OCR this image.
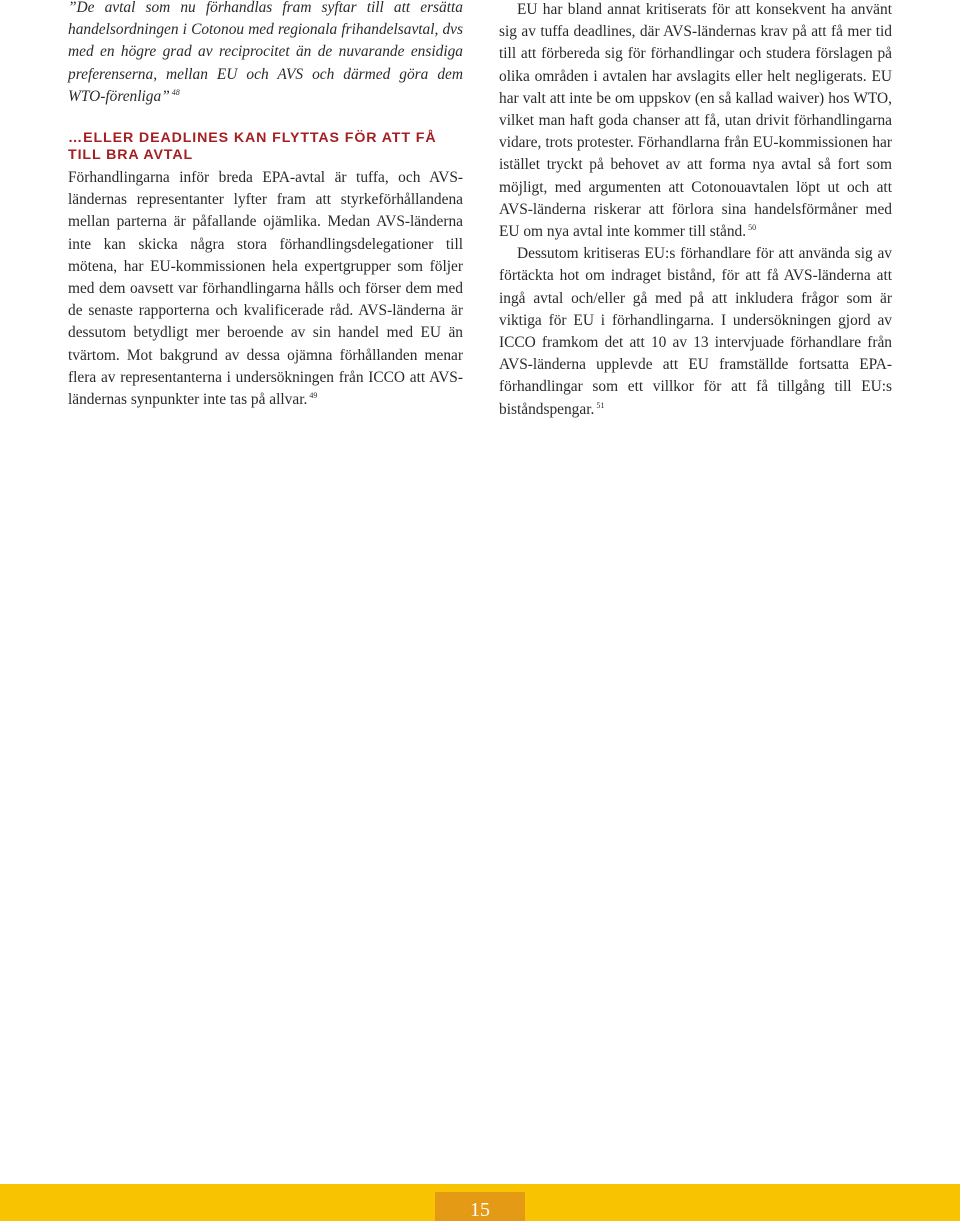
”De avtal som nu förhandlas fram syftar till att ersätta handelsordningen i Cotonou med regionala frihandelsavtal, dvs med en högre grad av reciprocitet än de nuvarande ensidiga preferenserna, mellan EU och AVS och därmed göra dem WTO-förenliga” $^{48}$

…ELLER DEADLINES KAN FLYTTAS FÖR ATT FÅ TILL BRA AVTAL

Förhandlingarna inför breda EPA-avtal är tuffa, och AVS-ländernas representanter lyfter fram att styrkeförhållandena mellan parterna är påfallande ojämlika. Medan AVS-länderna inte kan skicka några stora förhandlingsdelegationer till mötena, har EU-kommissionen hela expertgrupper som följer med dem oavsett var förhandlingarna hålls och förser dem med de senaste rapporterna och kvalificerade råd. AVS-länderna är dessutom betydligt mer beroende av sin handel med EU än tvärtom. Mot bakgrund av dessa ojämna förhållanden menar flera av representanterna i undersökningen från ICCO att AVS-ländernas synpunkter inte tas på allvar. $^{49}$

EU har bland annat kritiserats för att konsekvent ha använt sig av tuffa deadlines, där AVS-ländernas krav på att få mer tid till att förbereda sig för förhandlingar och studera förslagen på olika områden i avtalen har avslagits eller helt negligerats. EU har valt att inte be om uppskov (en så kallad waiver) hos WTO, vilket man haft goda chanser att få, utan drivit förhandlingarna vidare, trots protester. Förhandlarna från EU-kommissionen har istället tryckt på behovet av att forma nya avtal så fort som möjligt, med argumenten att Cotonouavtalen löpt ut och att AVS-länderna riskerar att förlora sina handelsförmåner med EU om nya avtal inte kommer till stånd. $^{50}$

Dessutom kritiseras EU:s förhandlare för att använda sig av förtäckta hot om indraget bistånd, för att få AVS-länderna att ingå avtal och/eller gå med på att inkludera frågor som är viktiga för EU i förhandlingarna. I undersökningen gjord av ICCO framkom det att 10 av 13 intervjuade förhandlare från AVS-länderna upplevde att EU framställde fortsatta EPA-förhandlingar som ett villkor för att få tillgång till EU:s biståndspengar. $^{51}$

15
